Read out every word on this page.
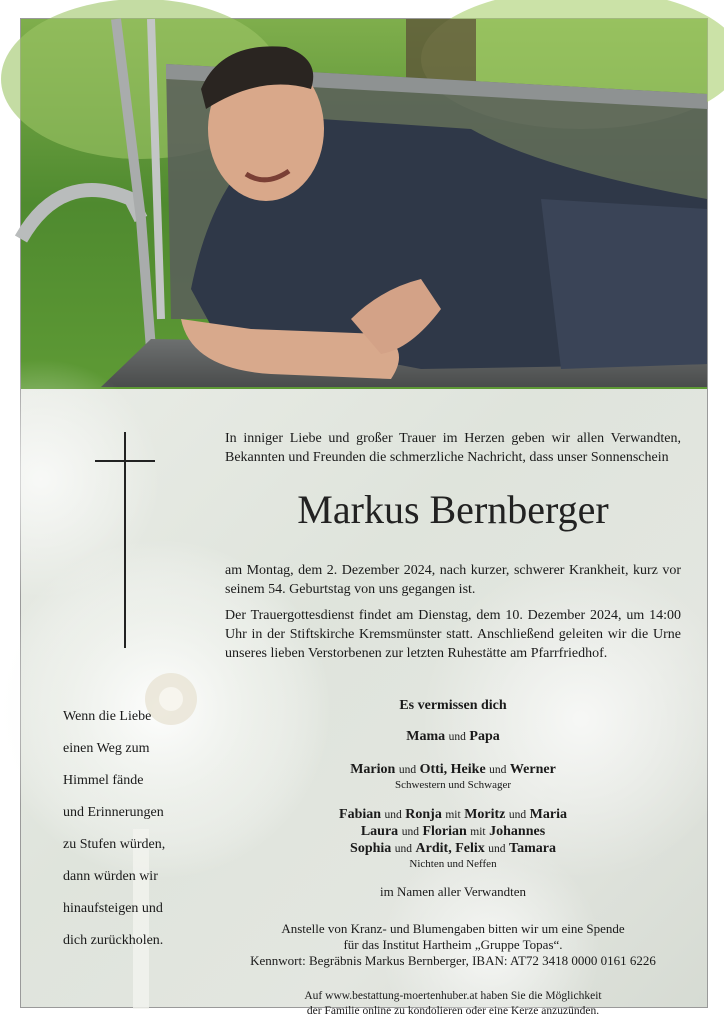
In inniger Liebe und großer Trauer im Herzen geben wir allen Verwandten, Bekannten und Freunden die schmerzliche Nachricht, dass unser Sonnenschein
Markus Bernberger
am Montag, dem 2. Dezember 2024, nach kurzer, schwerer Krankheit, kurz vor seinem 54. Geburtstag von uns gegangen ist.
Der Trauergottesdienst findet am Dienstag, dem 10. Dezember 2024, um 14:00 Uhr in der Stiftskirche Kremsmünster statt. Anschließend geleiten wir die Urne unseres lieben Verstorbenen zur letzten Ruhestätte am Pfarrfriedhof.
Es vermissen dich
Mama und Papa
Marion und Otti, Heike und Werner
Schwestern und Schwager
Fabian und Ronja mit Moritz und Maria
Laura und Florian mit Johannes
Sophia und Ardit, Felix und Tamara
Nichten und Neffen
im Namen aller Verwandten
Anstelle von Kranz- und Blumengaben bitten wir um eine Spende
für das Institut Hartheim „Gruppe Topas“.
Kennwort: Begräbnis Markus Bernberger, IBAN: AT72 3418 0000 0161 6226
Auf www.bestattung-moertenhuber.at haben Sie die Möglichkeit
der Familie online zu kondolieren oder eine Kerze anzuzünden.
Wenn die Liebe
einen Weg zum
Himmel fände
und Erinnerungen
zu Stufen würden,
dann würden wir
hinaufsteigen und
dich zurückholen.
